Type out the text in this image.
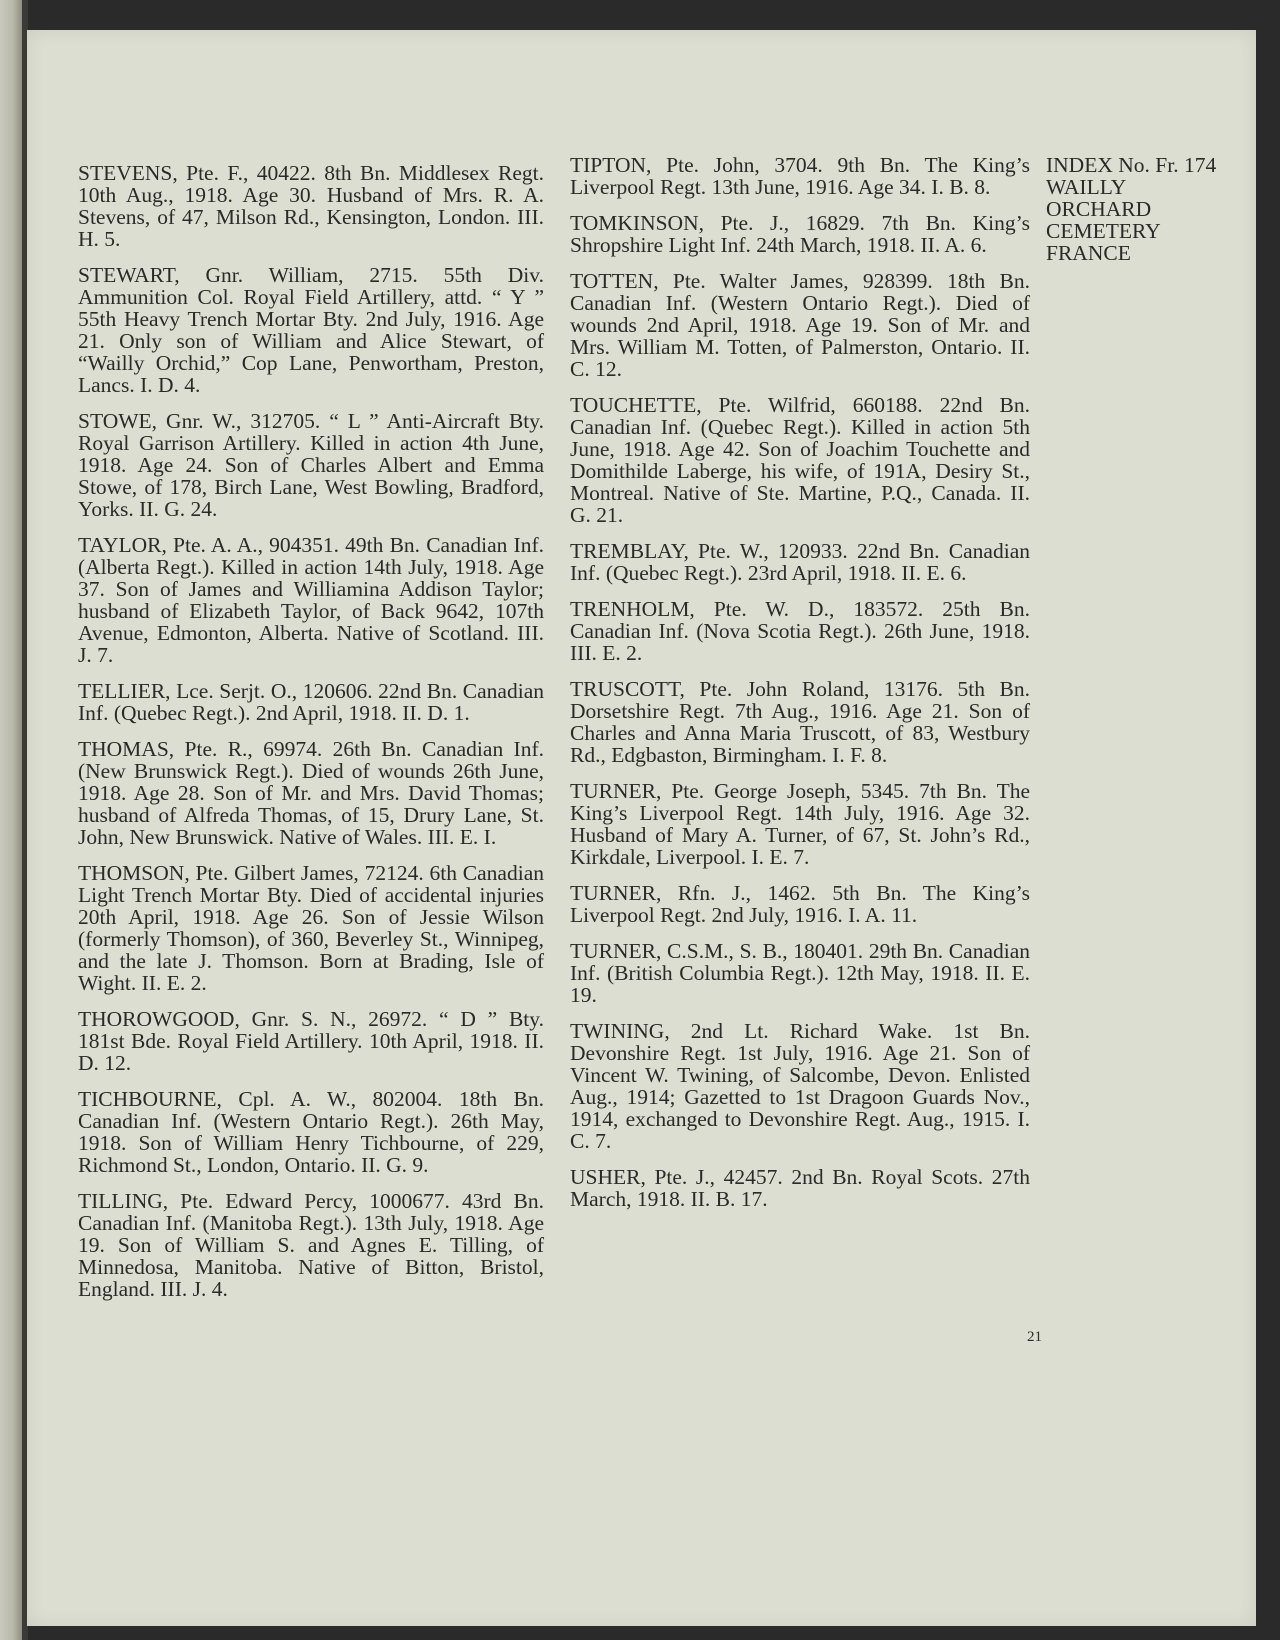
STEVENS, Pte. F., 40422. 8th Bn. Middlesex Regt. 10th Aug., 1918. Age 30. Husband of Mrs. R. A. Stevens, of 47, Milson Rd., Kensington, London. III. H. 5.

STEWART, Gnr. William, 2715. 55th Div. Ammunition Col. Royal Field Artillery, attd. “ Y ” 55th Heavy Trench Mortar Bty. 2nd July, 1916. Age 21. Only son of William and Alice Stewart, of “Wailly Orchid,” Cop Lane, Penwortham, Preston, Lancs. I. D. 4.

STOWE, Gnr. W., 312705. “ L ” Anti-Aircraft Bty. Royal Garrison Artillery. Killed in action 4th June, 1918. Age 24. Son of Charles Albert and Emma Stowe, of 178, Birch Lane, West Bowling, Bradford, Yorks. II. G. 24.

TAYLOR, Pte. A. A., 904351. 49th Bn. Canadian Inf. (Alberta Regt.). Killed in action 14th July, 1918. Age 37. Son of James and Williamina Addison Taylor; husband of Elizabeth Taylor, of Back 9642, 107th Avenue, Edmonton, Alberta. Native of Scotland. III. J. 7.

TELLIER, Lce. Serjt. O., 120606. 22nd Bn. Canadian Inf. (Quebec Regt.). 2nd April, 1918. II. D. 1.

THOMAS, Pte. R., 69974. 26th Bn. Canadian Inf. (New Brunswick Regt.). Died of wounds 26th June, 1918. Age 28. Son of Mr. and Mrs. David Thomas; husband of Alfreda Thomas, of 15, Drury Lane, St. John, New Brunswick. Native of Wales. III. E. I.

THOMSON, Pte. Gilbert James, 72124. 6th Canadian Light Trench Mortar Bty. Died of accidental injuries 20th April, 1918. Age 26. Son of Jessie Wilson (formerly Thomson), of 360, Beverley St., Winnipeg, and the late J. Thomson. Born at Brading, Isle of Wight. II. E. 2.

THOROWGOOD, Gnr. S. N., 26972. “ D ” Bty. 181st Bde. Royal Field Artillery. 10th April, 1918. II. D. 12.

TICHBOURNE, Cpl. A. W., 802004. 18th Bn. Canadian Inf. (Western Ontario Regt.). 26th May, 1918. Son of William Henry Tichbourne, of 229, Richmond St., London, Ontario. II. G. 9.

TILLING, Pte. Edward Percy, 1000677. 43rd Bn. Canadian Inf. (Manitoba Regt.). 13th July, 1918. Age 19. Son of William S. and Agnes E. Tilling, of Minnedosa, Manitoba. Native of Bitton, Bristol, England. III. J. 4.

TIPTON, Pte. John, 3704. 9th Bn. The King’s Liverpool Regt. 13th June, 1916. Age 34. I. B. 8.

TOMKINSON, Pte. J., 16829. 7th Bn. King’s Shropshire Light Inf. 24th March, 1918. II. A. 6.

TOTTEN, Pte. Walter James, 928399. 18th Bn. Canadian Inf. (Western Ontario Regt.). Died of wounds 2nd April, 1918. Age 19. Son of Mr. and Mrs. William M. Totten, of Palmerston, Ontario. II. C. 12.

TOUCHETTE, Pte. Wilfrid, 660188. 22nd Bn. Canadian Inf. (Quebec Regt.). Killed in action 5th June, 1918. Age 42. Son of Joachim Touchette and Domithilde Laberge, his wife, of 191A, Desiry St., Montreal. Native of Ste. Martine, P.Q., Canada. II. G. 21.

TREMBLAY, Pte. W., 120933. 22nd Bn. Canadian Inf. (Quebec Regt.). 23rd April, 1918. II. E. 6.

TRENHOLM, Pte. W. D., 183572. 25th Bn. Canadian Inf. (Nova Scotia Regt.). 26th June, 1918. III. E. 2.

TRUSCOTT, Pte. John Roland, 13176. 5th Bn. Dorsetshire Regt. 7th Aug., 1916. Age 21. Son of Charles and Anna Maria Truscott, of 83, Westbury Rd., Edgbaston, Birmingham. I. F. 8.

TURNER, Pte. George Joseph, 5345. 7th Bn. The King’s Liverpool Regt. 14th July, 1916. Age 32. Husband of Mary A. Turner, of 67, St. John’s Rd., Kirkdale, Liverpool. I. E. 7.

TURNER, Rfn. J., 1462. 5th Bn. The King’s Liverpool Regt. 2nd July, 1916. I. A. 11.

TURNER, C.S.M., S. B., 180401. 29th Bn. Canadian Inf. (British Columbia Regt.). 12th May, 1918. II. E. 19.

TWINING, 2nd Lt. Richard Wake. 1st Bn. Devonshire Regt. 1st July, 1916. Age 21. Son of Vincent W. Twining, of Salcombe, Devon. Enlisted Aug., 1914; Gazetted to 1st Dragoon Guards Nov., 1914, exchanged to Devonshire Regt. Aug., 1915. I. C. 7.

USHER, Pte. J., 42457. 2nd Bn. Royal Scots. 27th March, 1918. II. B. 17.

INDEX No. Fr. 174
WAILLY
ORCHARD
CEMETERY
FRANCE
21
